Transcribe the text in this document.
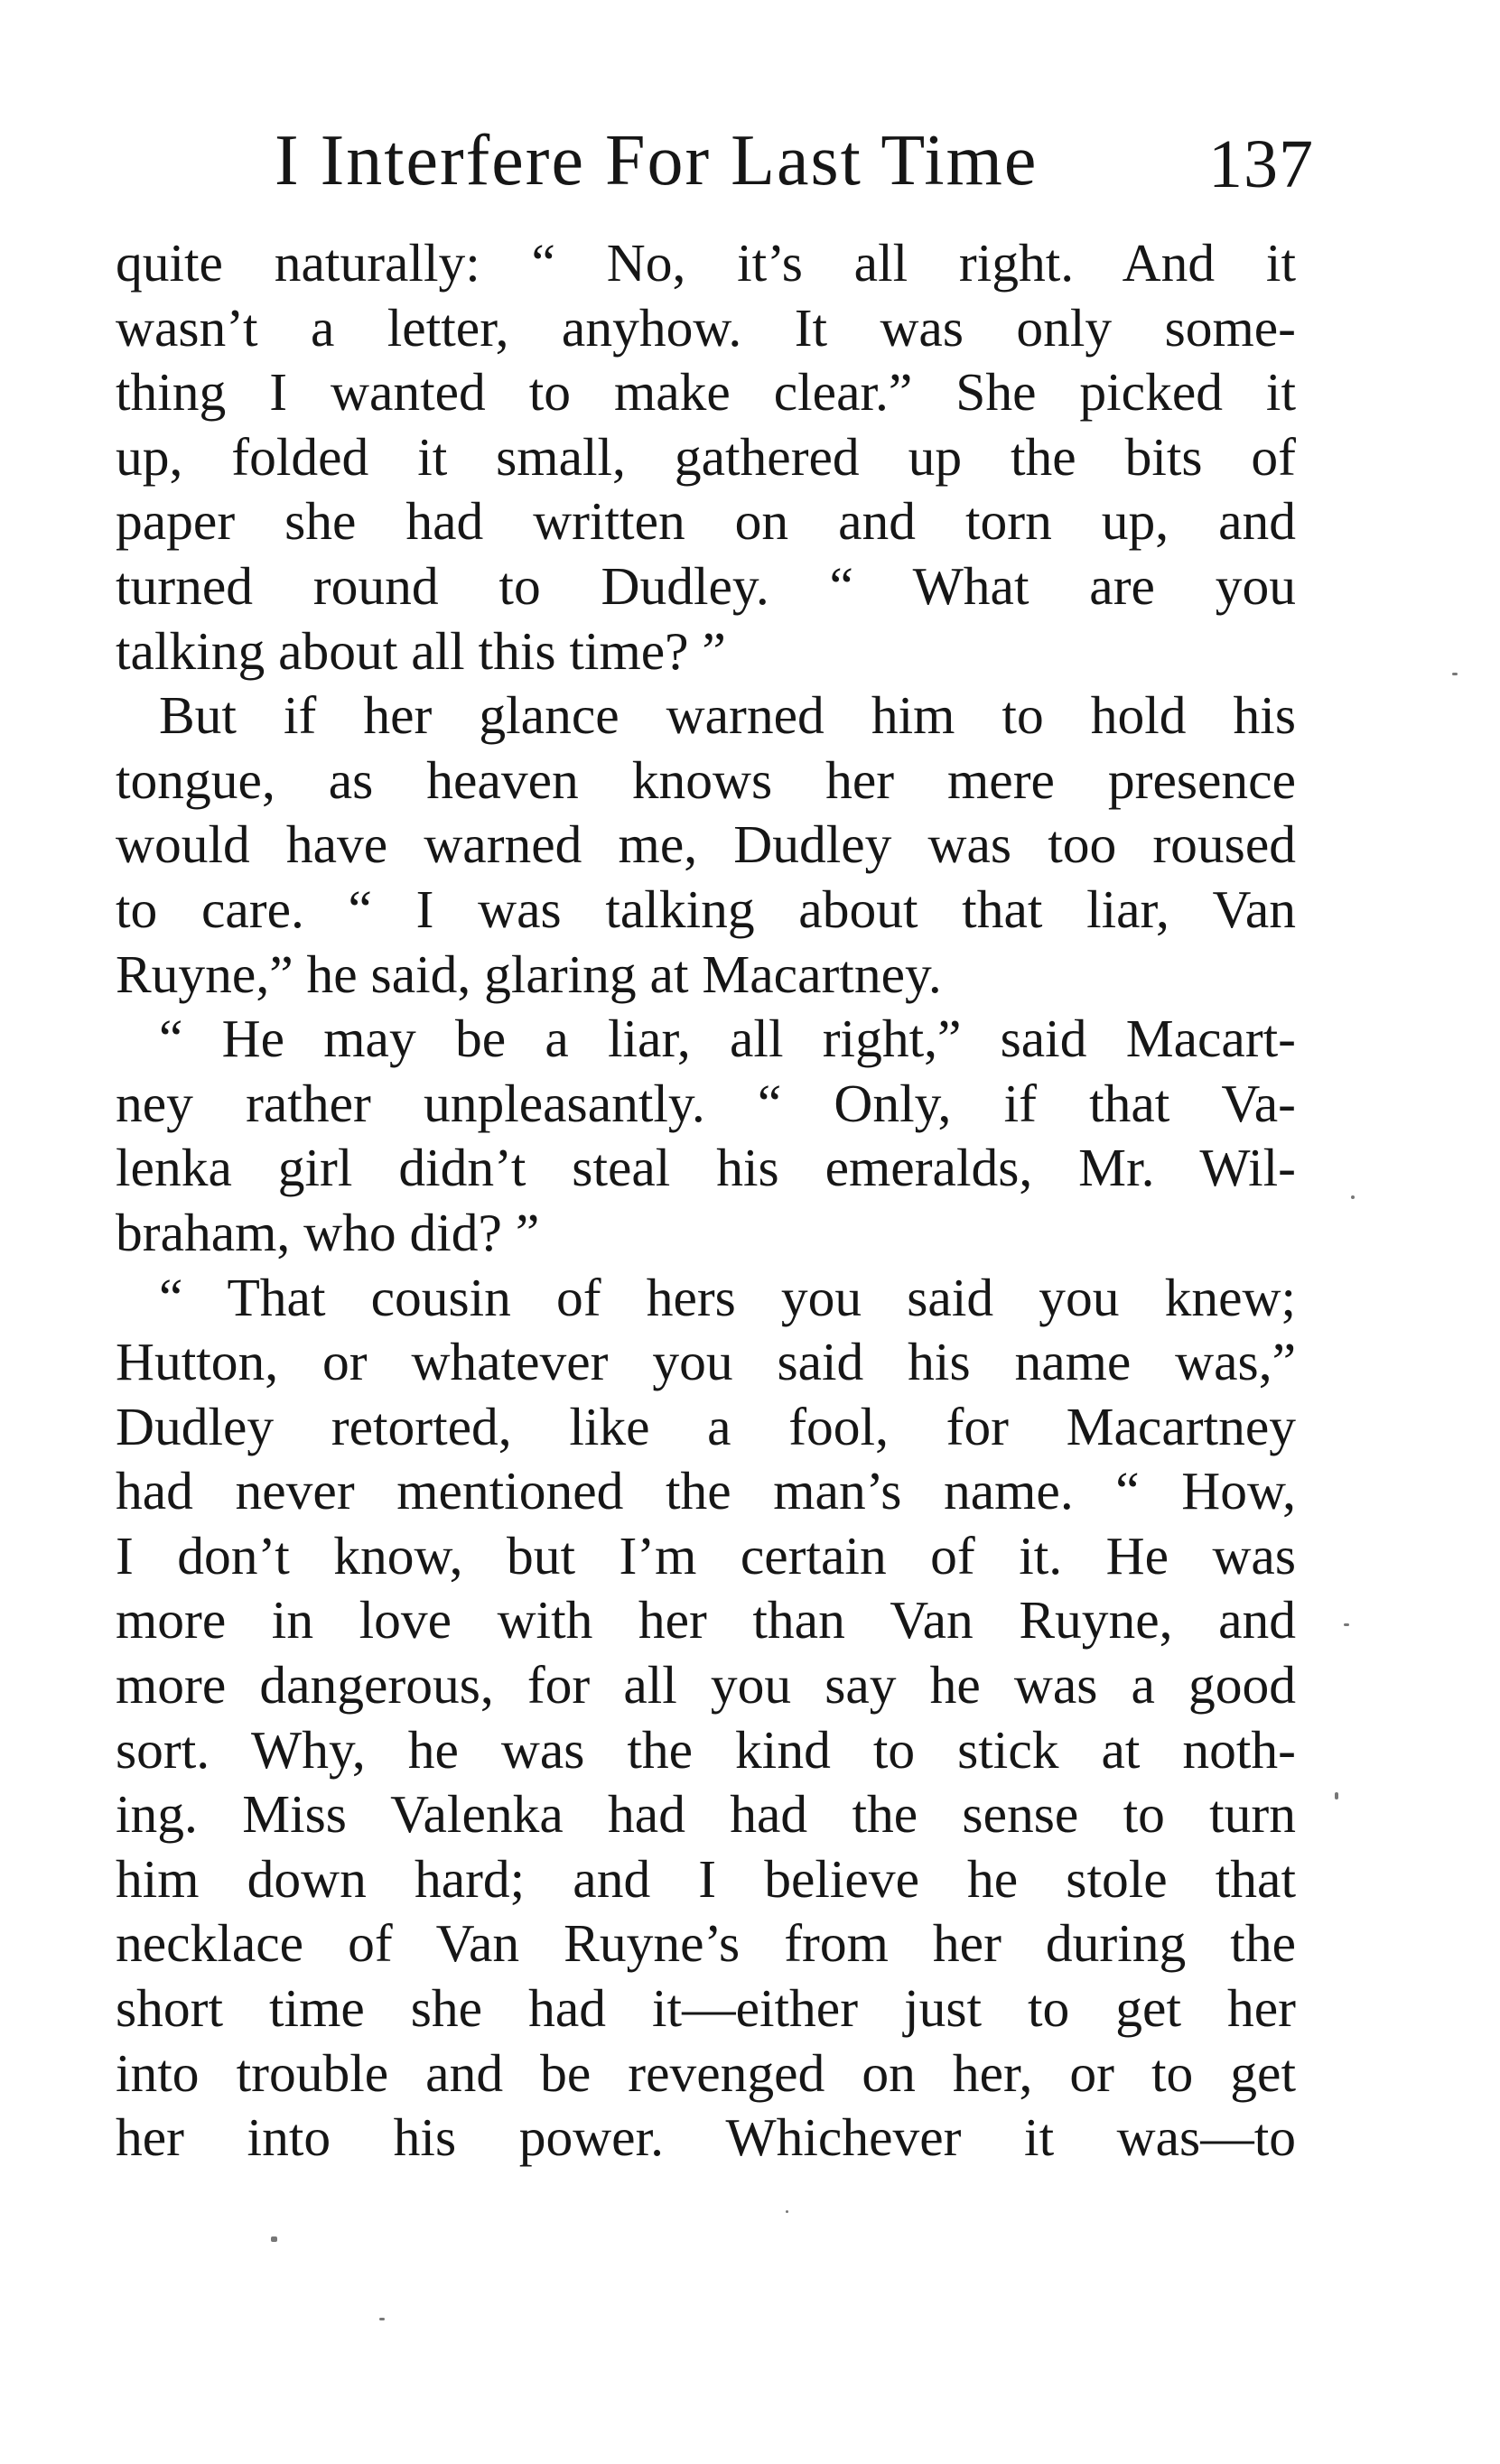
I Interfere For Last Time 137
quite naturally: “ No, it’s all right. And it
wasn’t a letter, anyhow. It was only some-
thing I wanted to make clear.” She picked it
up, folded it small, gathered up the bits of
paper she had written on and torn up, and
turned round to Dudley. “ What are you
talking about all this time? ”
But if her glance warned him to hold his
tongue, as heaven knows her mere presence
would have warned me, Dudley was too roused
to care. “ I was talking about that liar, Van
Ruyne,” he said, glaring at Macartney.
“ He may be a liar, all right,” said Macart-
ney rather unpleasantly. “ Only, if that Va-
lenka girl didn’t steal his emeralds, Mr. Wil-
braham, who did? ”
“ That cousin of hers you said you knew;
Hutton, or whatever you said his name was,”
Dudley retorted, like a fool, for Macartney
had never mentioned the man’s name. “ How,
I don’t know, but I’m certain of it. He was
more in love with her than Van Ruyne, and
more dangerous, for all you say he was a good
sort. Why, he was the kind to stick at noth-
ing. Miss Valenka had had the sense to turn
him down hard; and I believe he stole that
necklace of Van Ruyne’s from her during the
short time she had it—either just to get her
into trouble and be revenged on her, or to get
her into his power. Whichever it was—to
